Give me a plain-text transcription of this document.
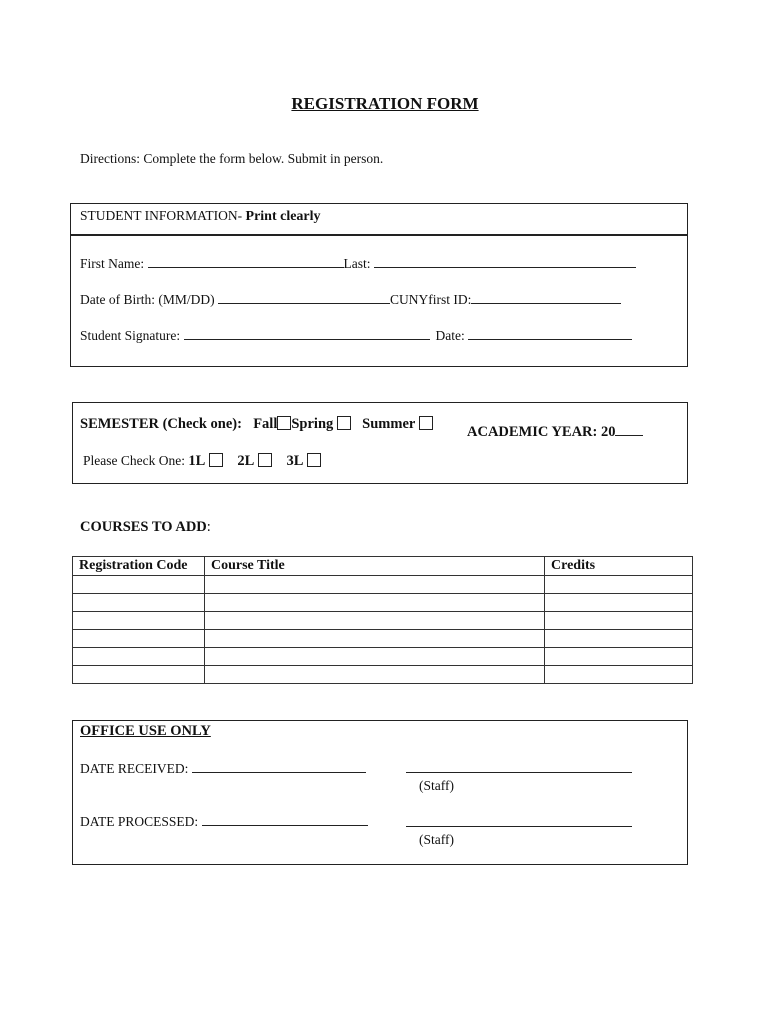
REGISTRATION FORM
Directions: Complete the form below. Submit in person.
STUDENT INFORMATION- Print clearly
First Name:	Last:
Date of Birth: (MM/DD)	CUNYfirst ID:
Student Signature:	Date:
SEMESTER (Check one): Fall Spring Summer	ACADEMIC YEAR: 20
Please Check One: 1L 2L 3L
COURSES TO ADD:
Registration Code	Course Title	Credits

OFFICE USE ONLY
DATE RECEIVED:
(Staff)
DATE PROCESSED:
(Staff)
